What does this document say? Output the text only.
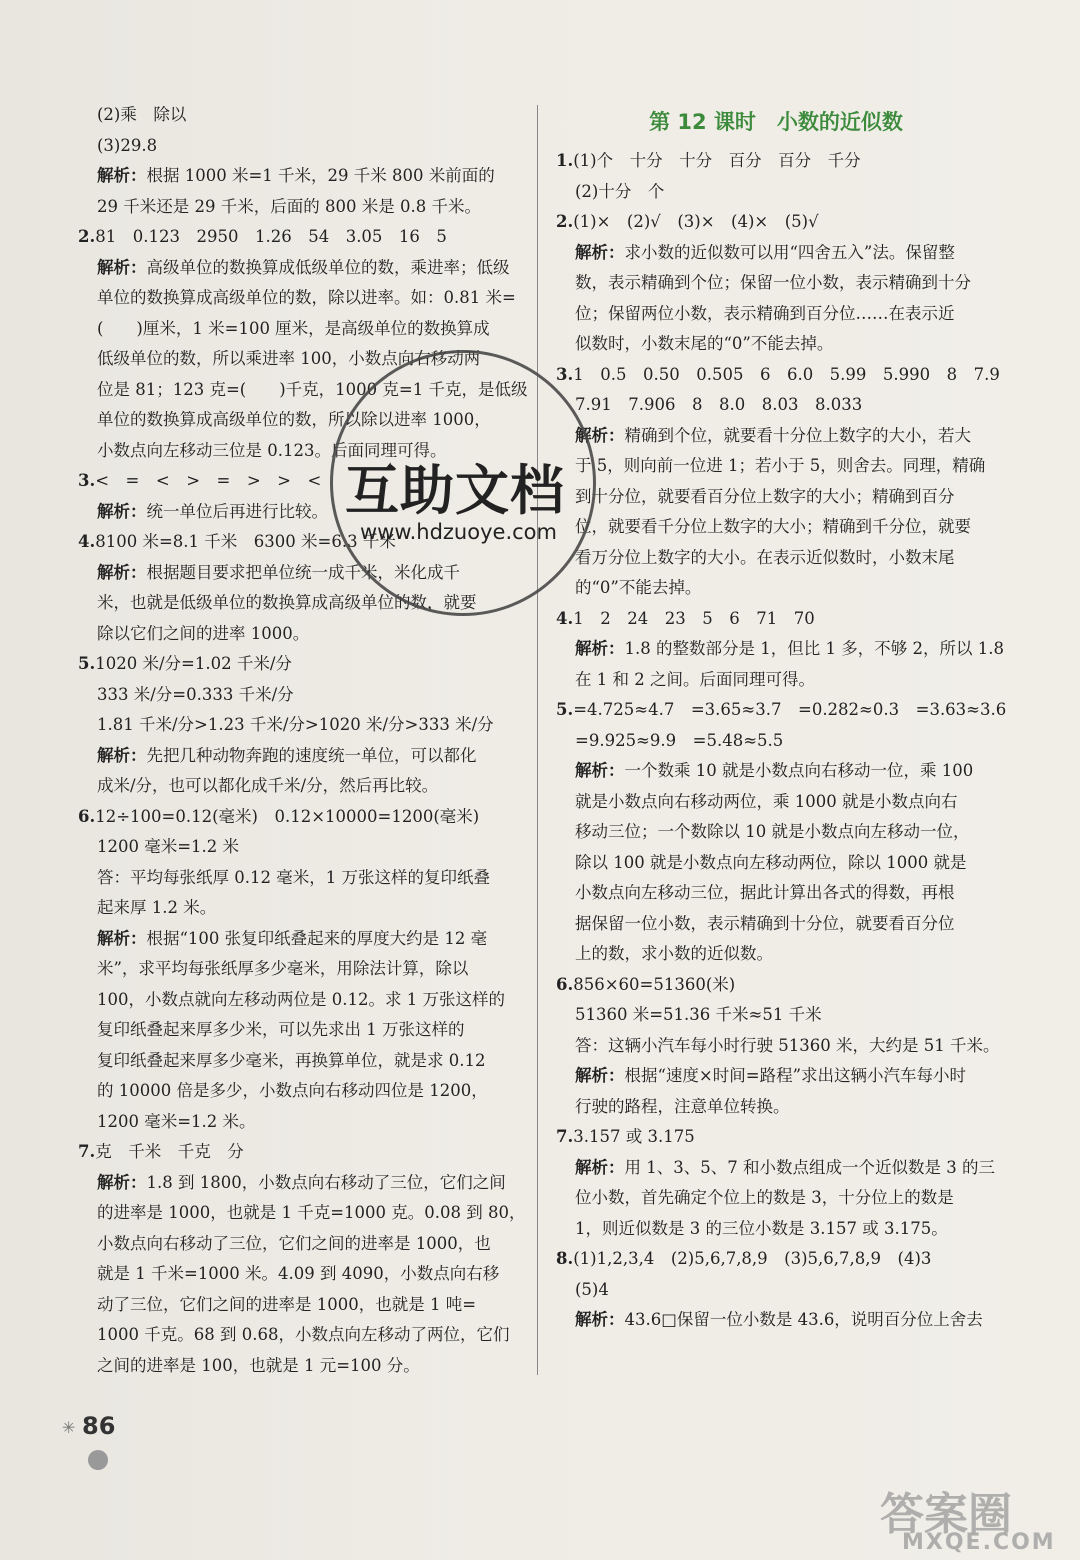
(2)乘　除以
(3)29.8
解析：根据 1000 米=1 千米，29 千米 800 米前面的
29 千米还是 29 千米，后面的 800 米是 0.8 千米。
2.81　0.123　2950　1.26　54　3.05　16　5
解析：高级单位的数换算成低级单位的数，乘进率；低级
单位的数换算成高级单位的数，除以进率。如：0.81 米=
(　　)厘米，1 米=100 厘米，是高级单位的数换算成
低级单位的数，所以乘进率 100，小数点向右移动两
位是 81；123 克=(　　)千克，1000 克=1 千克，是低级
单位的数换算成高级单位的数，所以除以进率 1000，
小数点向左移动三位是 0.123。后面同理可得。
3.<　=　<　>　=　>　>　<
解析：统一单位后再进行比较。
4.8100 米=8.1 千米　6300 米=6.3 千米
解析：根据题目要求把单位统一成千米，米化成千
米，也就是低级单位的数换算成高级单位的数，就要
除以它们之间的进率 1000。
5.1020 米/分=1.02 千米/分
333 米/分=0.333 千米/分
1.81 千米/分>1.23 千米/分>1020 米/分>333 米/分
解析：先把几种动物奔跑的速度统一单位，可以都化
成米/分，也可以都化成千米/分，然后再比较。
6.12÷100=0.12(毫米)　0.12×10000=1200(毫米)
1200 毫米=1.2 米
答：平均每张纸厚 0.12 毫米，1 万张这样的复印纸叠
起来厚 1.2 米。
解析：根据“100 张复印纸叠起来的厚度大约是 12 毫
米”，求平均每张纸厚多少毫米，用除法计算，除以
100，小数点就向左移动两位是 0.12。求 1 万张这样的
复印纸叠起来厚多少米，可以先求出 1 万张这样的
复印纸叠起来厚多少毫米，再换算单位，就是求 0.12
的 10000 倍是多少，小数点向右移动四位是 1200，
1200 毫米=1.2 米。
7.克　千米　千克　分
解析：1.8 到 1800，小数点向右移动了三位，它们之间
的进率是 1000，也就是 1 千克=1000 克。0.08 到 80，
小数点向右移动了三位，它们之间的进率是 1000，也
就是 1 千米=1000 米。4.09 到 4090，小数点向右移
动了三位，它们之间的进率是 1000，也就是 1 吨=
1000 千克。68 到 0.68，小数点向左移动了两位，它们
之间的进率是 100，也就是 1 元=100 分。
第 12 课时　小数的近似数
1.(1)个　十分　十分　百分　百分　千分
(2)十分　个
2.(1)×　(2)√　(3)×　(4)×　(5)√
解析：求小数的近似数可以用“四舍五入”法。保留整
数，表示精确到个位；保留一位小数，表示精确到十分
位；保留两位小数，表示精确到百分位……在表示近
似数时，小数末尾的“0”不能去掉。
3.1　0.5　0.50　0.505　6　6.0　5.99　5.990　8　7.9
7.91　7.906　8　8.0　8.03　8.033
解析：精确到个位，就要看十分位上数字的大小，若大
于 5，则向前一位进 1；若小于 5，则舍去。同理，精确
到十分位，就要看百分位上数字的大小；精确到百分
位，就要看千分位上数字的大小；精确到千分位，就要
看万分位上数字的大小。在表示近似数时，小数末尾
的“0”不能去掉。
4.1　2　24　23　5　6　71　70
解析：1.8 的整数部分是 1，但比 1 多，不够 2，所以 1.8
在 1 和 2 之间。后面同理可得。
5.=4.725≈4.7　=3.65≈3.7　=0.282≈0.3　=3.63≈3.6
=9.925≈9.9　=5.48≈5.5
解析：一个数乘 10 就是小数点向右移动一位，乘 100
就是小数点向右移动两位，乘 1000 就是小数点向右
移动三位；一个数除以 10 就是小数点向左移动一位，
除以 100 就是小数点向左移动两位，除以 1000 就是
小数点向左移动三位，据此计算出各式的得数，再根
据保留一位小数，表示精确到十分位，就要看百分位
上的数，求小数的近似数。
6.856×60=51360(米)
51360 米=51.36 千米≈51 千米
答：这辆小汽车每小时行驶 51360 米，大约是 51 千米。
解析：根据“速度×时间=路程”求出这辆小汽车每小时
行驶的路程，注意单位转换。
7.3.157 或 3.175
解析：用 1、3、5、7 和小数点组成一个近似数是 3 的三
位小数，首先确定个位上的数是 3，十分位上的数是
1，则近似数是 3 的三位小数是 3.157 或 3.175。
8.(1)1,2,3,4　(2)5,6,7,8,9　(3)5,6,7,8,9　(4)3
(5)4
解析：43.6□保留一位小数是 43.6，说明百分位上舍去
✳ 86
互助文档
www.hdzuoye.com
答案圈
MXQE.COM
